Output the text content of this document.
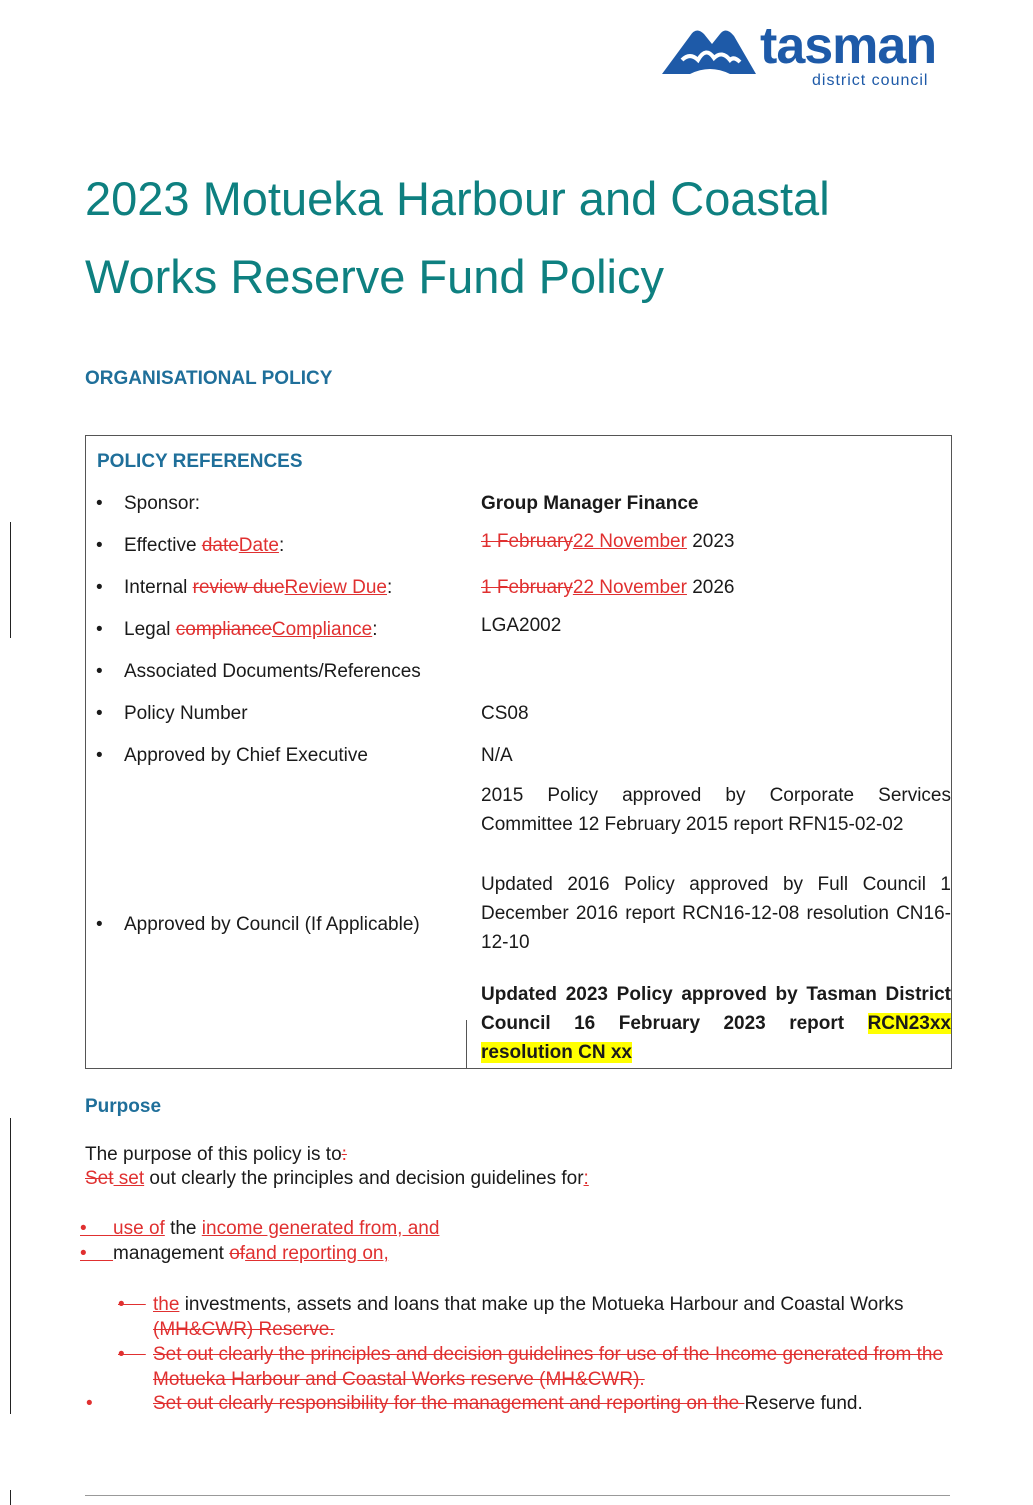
tasman
district council
2023 Motueka Harbour and Coastal Works Reserve Fund Policy
ORGANISATIONAL POLICY
POLICY REFERENCES
• Sponsor:	Group Manager Finance
• Effective dateDate:	1 February22 November 2023
• Internal review dueReview Due:	1 February22 November 2026
• Legal complianceCompliance:	LGA2002
• Associated Documents/References
• Policy Number	CS08
• Approved by Chief Executive	N/A
• Approved by Council (If Applicable)
2015 Policy approved by Corporate Services Committee 12 February 2015 report RFN15-02-02
Updated 2016 Policy approved by Full Council 1 December 2016 report RCN16-12-08 resolution CN16-12-10
Updated 2023 Policy approved by Tasman District Council 16 February 2023 report RCN23xx resolution CN xx
Purpose
The purpose of this policy is to:
Set set out clearly the principles and decision guidelines for:
•     use of the income generated from, and
•     management ofand reporting on,
• the investments, assets and loans that make up the Motueka Harbour and Coastal Works (MH&CWR) Reserve.
• Set out clearly the principles and decision guidelines for use of the Income generated from the Motueka Harbour and Coastal Works reserve (MH&CWR).
•	Set out clearly responsibility for the management and reporting on the Reserve fund.
